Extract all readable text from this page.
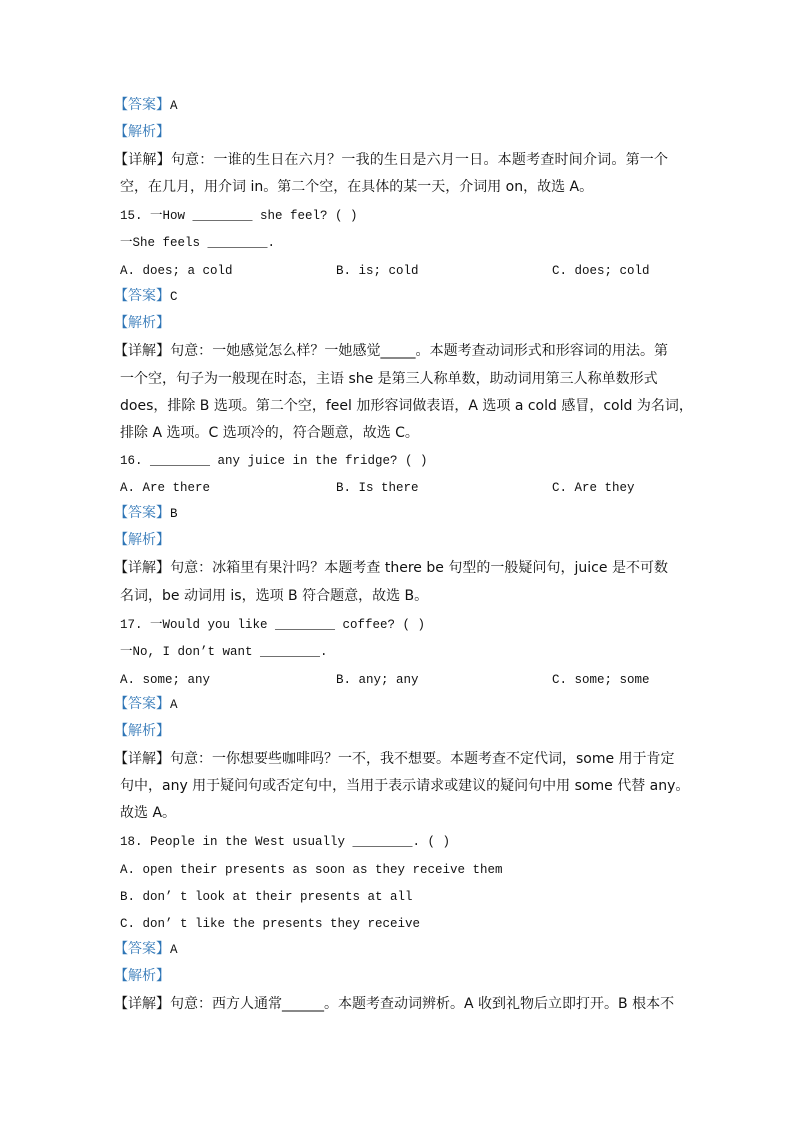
【答案】A
【解析】
【详解】句意：一谁的生日在六月？一我的生日是六月一日。本题考查时间介词。第一个
空，在几月，用介词 in。第二个空，在具体的某一天，介词用 on，故选 A。
15. 一How ________ she feel? ( )
一She feels ________.
A. does; a cold	B. is; cold	C. does; cold
【答案】C
【解析】
【详解】句意：一她感觉怎么样？一她感觉_____。本题考查动词形式和形容词的用法。第
一个空，句子为一般现在时态，主语 she 是第三人称单数，助动词用第三人称单数形式
does，排除 B 选项。第二个空，feel 加形容词做表语，A 选项 a cold 感冒，cold 为名词，
排除 A 选项。C 选项冷的，符合题意，故选 C。
16. ________ any juice in the fridge? ( )
A. Are there	B. Is there	C. Are they
【答案】B
【解析】
【详解】句意：冰箱里有果汁吗？本题考查 there be 句型的一般疑问句，juice 是不可数
名词，be 动词用 is，选项 B 符合题意，故选 B。
17. 一Would you like ________ coffee? ( )
一No, I don’t want ________.
A. some; any	B. any; any	C. some; some
【答案】A
【解析】
【详解】句意：一你想要些咖啡吗？一不，我不想要。本题考查不定代词，some 用于肯定
句中，any 用于疑问句或否定句中，当用于表示请求或建议的疑问句中用 some 代替 any。
故选 A。
18. People in the West usually ________. ( )
A. open their presents as soon as they receive them
B. don’ t look at their presents at all
C. don’ t like the presents they receive
【答案】A
【解析】
【详解】句意：西方人通常______。本题考查动词辨析。A 收到礼物后立即打开。B 根本不
